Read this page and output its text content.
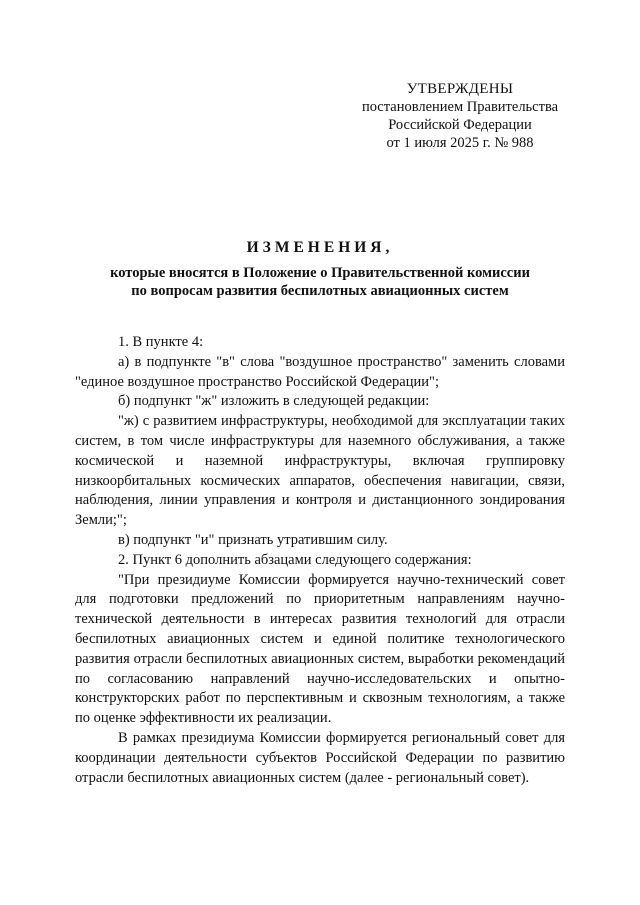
УТВЕРЖДЕНЫ
постановлением Правительства
Российской Федерации
от 1 июля 2025 г. № 988
ИЗМЕНЕНИЯ,
которые вносятся в Положение о Правительственной комиссии
по вопросам развития беспилотных авиационных систем

1. В пункте 4:

а) в подпункте "в" слова "воздушное пространство" заменить словами "единое воздушное пространство Российской Федерации";

б) подпункт "ж" изложить в следующей редакции:

"ж) с развитием инфраструктуры, необходимой для эксплуатации таких систем, в том числе инфраструктуры для наземного обслуживания, а также космической и наземной инфраструктуры, включая группировку низкоорбитальных космических аппаратов, обеспечения навигации, связи, наблюдения, линии управления и контроля и дистанционного зондирования Земли;";

в) подпункт "и" признать утратившим силу.

2. Пункт 6 дополнить абзацами следующего содержания:

"При президиуме Комиссии формируется научно-технический совет для подготовки предложений по приоритетным направлениям научно-технической деятельности в интересах развития технологий для отрасли беспилотных авиационных систем и единой политике технологического развития отрасли беспилотных авиационных систем, выработки рекомендаций по согласованию направлений научно-исследовательских и опытно-конструкторских работ по перспективным и сквозным технологиям, а также по оценке эффективности их реализации.

В рамках президиума Комиссии формируется региональный совет для координации деятельности субъектов Российской Федерации по развитию отрасли беспилотных авиационных систем (далее - региональный совет).
